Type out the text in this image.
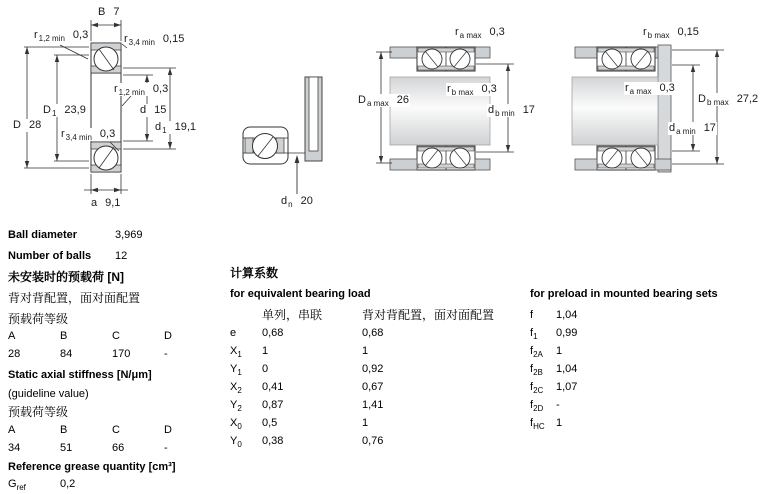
B 7
$r_{1,2 min}$ 0,3	$r_{3,4 min}$ 0,15
D 28
$D_1$ 23,9
$r_{1,2 min}$ 0,3
d 15
$d_1$ 19,1
$r_{3,4 min}$ 0,3
a 9,1	$d_n$ 20
$r_{a max}$ 0,3
$r_{b max}$ 0,3
$D_{a max}$ 26
$d_{b min}$ 17
$r_{b max}$ 0,15
$r_{a max}$ 0,3
$D_{b max}$ 27,2
$d_{a min}$ 17
Ball diameter	3,969
Number of balls 12
未安装时的预载荷 [N]
背对背配置，面对面配置
预载荷等级
A	B	C	D
28	84	170	-
Static axial stiffness [N/μm]
(guideline value)
预载荷等级
A	B	C	D
34	51	66	-
Reference grease quantity [cm³]
$G_{ref}$	0,2
计算系数
for equivalent bearing load
单列，串联	背对背配置，面对面配置
e 0,68	0,68
$X_1$ 1	1
$Y_1$ 0	0,92
$X_2$ 0,41	0,67
$Y_2$ 0,87	1,41
$X_0$ 0,5	1
$Y_0$ 0,38	0,76
for preload in mounted bearing sets
f 1,04
$f_1$ 0,99
$f_{2A}$ 1
$f_{2B}$ 1,04
$f_{2C}$ 1,07
$f_{2D}$ -
$f_{HC}$ 1
